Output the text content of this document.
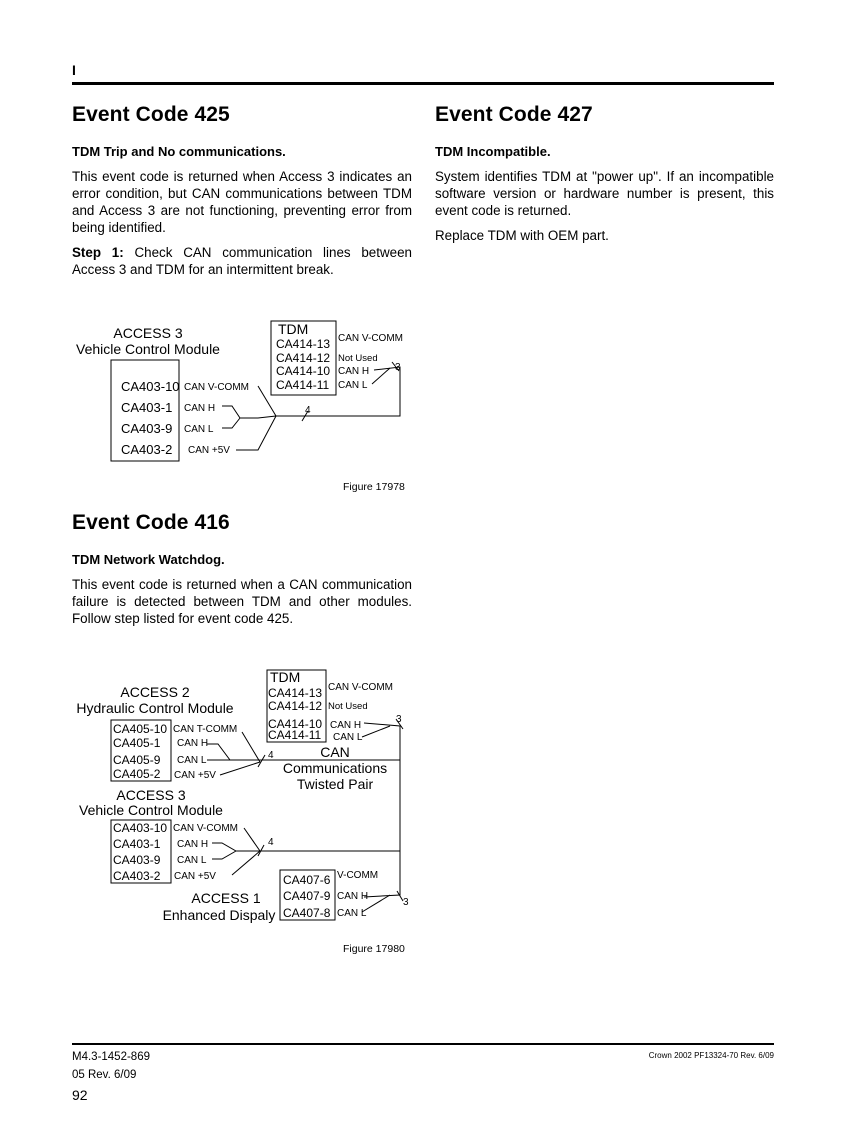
I
Event Code 425
TDM Trip and No communications.

This event code is returned when Access 3 indicates an error condition, but CAN communications between TDM and Access 3 are not functioning, preventing error from being identified.

Step 1: Check CAN communication lines between Access 3 and TDM for an intermittent break.

ACCESS 3
Vehicle Control Module
CA403-10
CA403-1
CA403-9
CA403-2
CAN V-COMM
CAN H
CAN L
CAN +5V
TDM
CA414-13
CA414-12
CA414-10
CA414-11
CAN V-COMM
Not Used
CAN H
CAN L
3
4
Figure 17978
Event Code 427
TDM Incompatible.

System identifies TDM at "power up". If an incompatible software version or hardware number is present, this event code is returned.

Replace TDM with OEM part.

Event Code 416
TDM Network Watchdog.

This event code is returned when a CAN communication failure is detected between TDM and other modules. Follow step listed for event code 425.

TDM
CA414-13
CA414-12
CA414-10
CA414-11
CAN V-COMM
Not Used
CAN H
CAN L
3
ACCESS 2
Hydraulic Control Module
CA405-10
CA405-1
CA405-9
CA405-2
CAN T-COMM
CAN H
CAN L
CAN +5V
4	CAN
Communications
Twisted Pair
ACCESS 3
Vehicle Control Module
CA403-10
CA403-1
CA403-9
CA403-2
CAN V-COMM
CAN H
CAN L
CAN +5V
4
ACCESS 1
Enhanced Dispaly
CA407-6
CA407-9
CA407-8
V-COMM
CAN H
CAN L
3
Figure 17980
M4.3-1452-869
05 Rev. 6/09
92
Crown 2002 PF13324-70 Rev. 6/09
